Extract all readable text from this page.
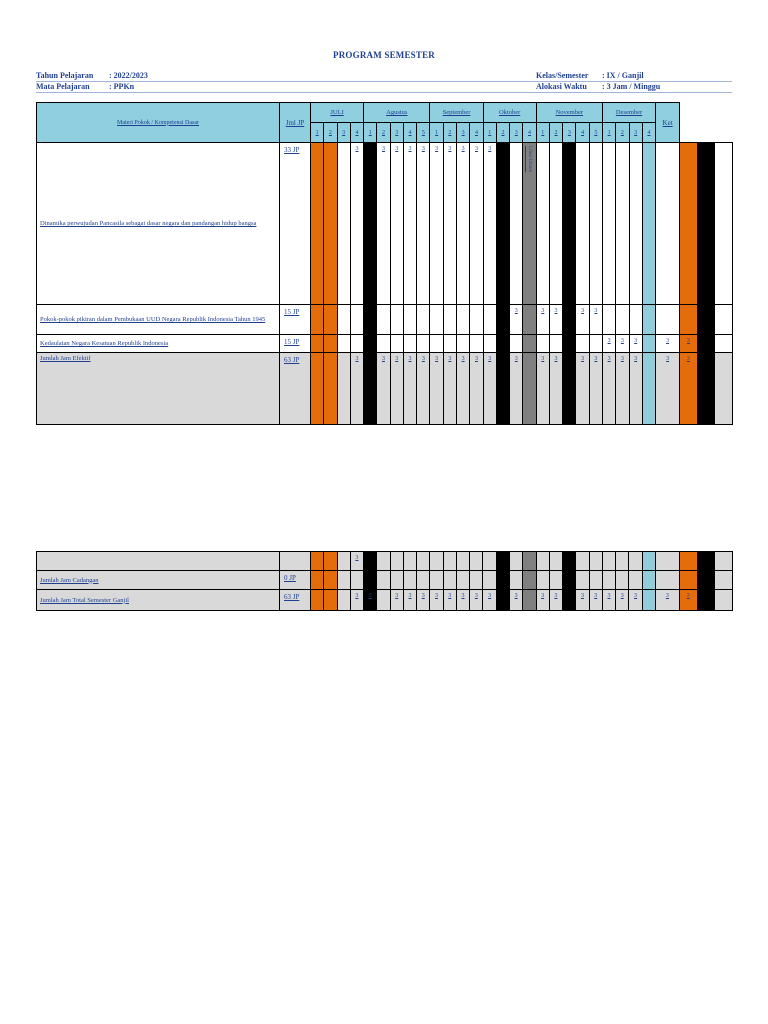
PROGRAM SEMESTER
Tahun Pelajaran : 2022/2023
Mata Pelajaran : PPKn
Kelas/Semester : IX / Ganjil
Alokasi Waktu : 3 Jam / Minggu
Materi Pokok / Kompetensi Dasar	Jml JP	JULI				Agustus					September				Oktober				November					Desember				Ket			
		1	2	3	4	1	2	3	4	5	1	2	3	4	1	2	3	4	1	2	3	4	5	1	2	3	4				
Dinamika perwujudan Pancasila sebagai dasar negara dan pandangan hidup bangsa	33 JP				3		3	3	3	3	3	3	3	3	3			Libur Umum													
Pokok-pokok pikiran dalam Pembukaan UUD Negara Republik Indonesia Tahun 1945	15 JP																3		3	3		3	3								
Kedaulatan Negara Kesatuan Republik Indonesia	15 JP																							3	3	3		3	3		
Jumlah Jam Efektif	63 JP				3		3	3	3	3	3	3	3	3	3		3		3	3		3	3	3	3	3		3	3		
					3																										
Jumlah Jam Cadangan	0 JP																														
Jumlah Jam Total Semester Ganjil	63 JP				3	3		3	3	3	3	3	3	3	3		3		3	3		3	3	3	3	3		3	3		
